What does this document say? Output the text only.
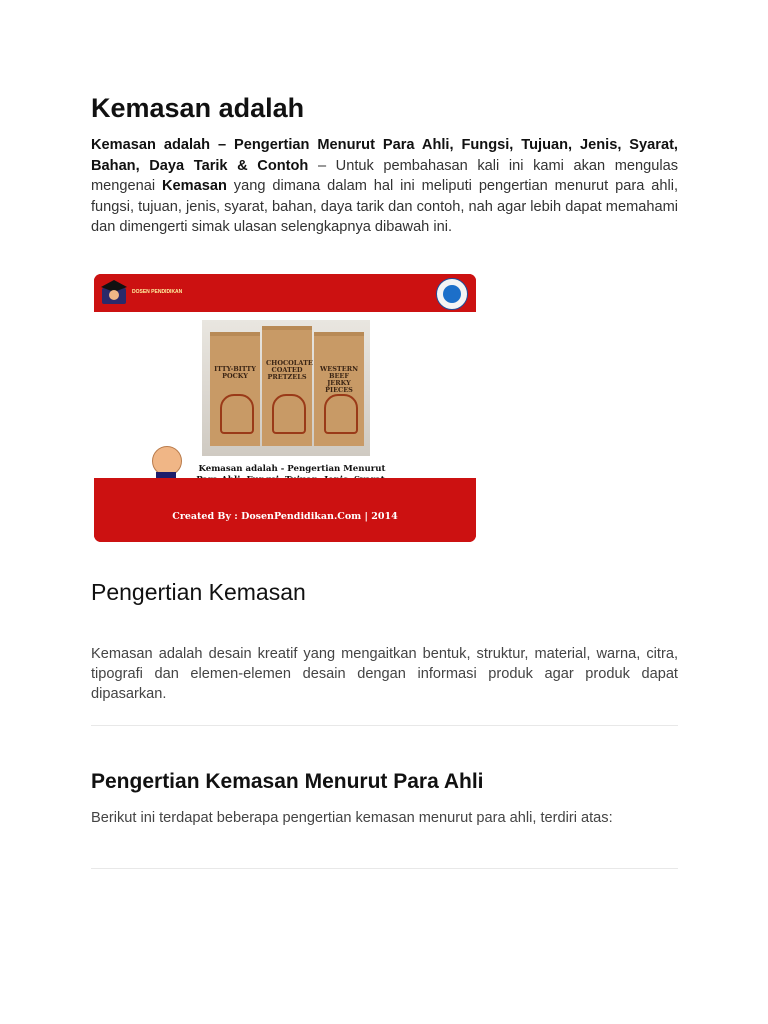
Kemasan adalah

Kemasan adalah – Pengertian Menurut Para Ahli, Fungsi, Tujuan, Jenis, Syarat, Bahan, Daya Tarik & Contoh – Untuk pembahasan kali ini kami akan mengulas mengenai Kemasan yang dimana dalam hal ini meliputi pengertian menurut para ahli, fungsi, tujuan, jenis, syarat, bahan, daya tarik dan contoh, nah agar lebih dapat memahami dan dimengerti simak ulasan selengkapnya dibawah ini.

DOSEN PENDIDIKAN
ITTY-BITTY POCKY
CHOCOLATE COATED PRETZELS
WESTERN BEEF JERKY PIECES
Kemasan adalah - Pengertian Menurut
Created By : DosenPendidikan.Com | 2014
Pengertian Kemasan

Kemasan adalah desain kreatif yang mengaitkan bentuk, struktur, material, warna, citra, tipografi dan elemen-elemen desain dengan informasi produk agar produk dapat dipasarkan.

Pengertian Kemasan Menurut Para Ahli

Berikut ini terdapat beberapa pengertian kemasan menurut para ahli, terdiri atas:
